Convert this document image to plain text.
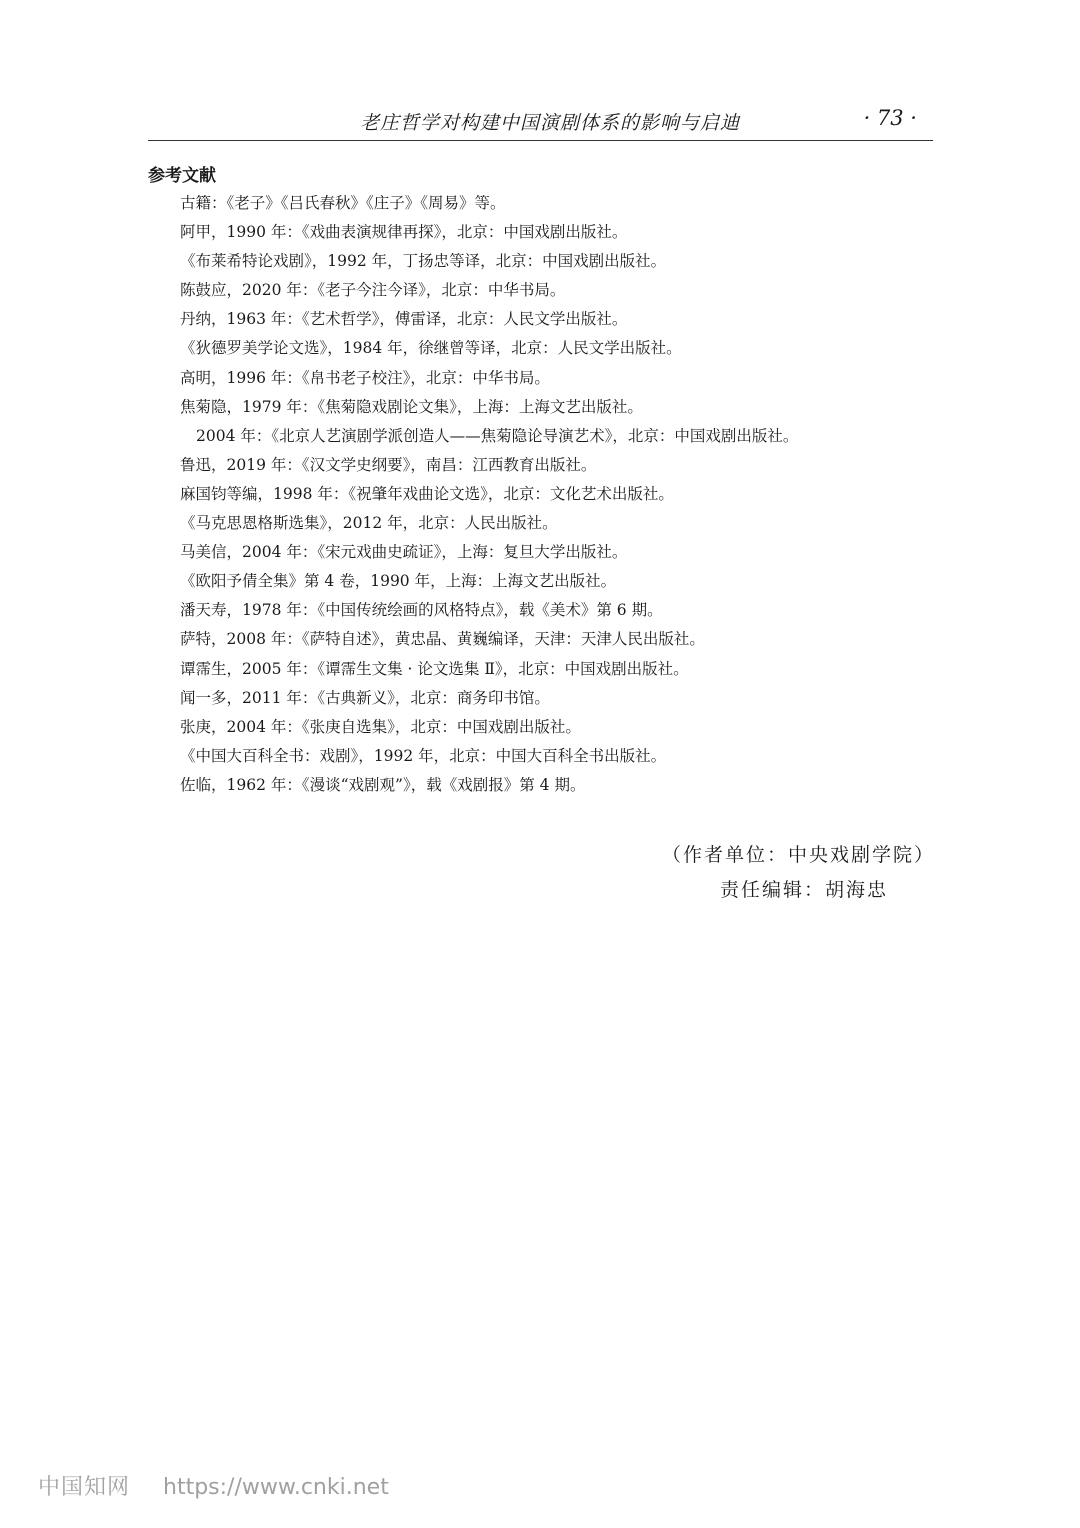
老庄哲学对构建中国演剧体系的影响与启迪	· 73 ·
参考文献
古籍：《老子》《吕氏春秋》《庄子》《周易》等。
阿甲，1990 年：《戏曲表演规律再探》，北京：中国戏剧出版社。
《布莱希特论戏剧》，1992 年，丁扬忠等译，北京：中国戏剧出版社。
陈鼓应，2020 年：《老子今注今译》，北京：中华书局。
丹纳，1963 年：《艺术哲学》，傅雷译，北京：人民文学出版社。
《狄德罗美学论文选》，1984 年，徐继曾等译，北京：人民文学出版社。
高明，1996 年：《帛书老子校注》，北京：中华书局。
焦菊隐，1979 年：《焦菊隐戏剧论文集》，上海：上海文艺出版社。
2004 年：《北京人艺演剧学派创造人——焦菊隐论导演艺术》，北京：中国戏剧出版社。
鲁迅，2019 年：《汉文学史纲要》，南昌：江西教育出版社。
麻国钧等编，1998 年：《祝肇年戏曲论文选》，北京：文化艺术出版社。
《马克思恩格斯选集》，2012 年，北京：人民出版社。
马美信，2004 年：《宋元戏曲史疏证》，上海：复旦大学出版社。
《欧阳予倩全集》第 4 卷，1990 年，上海：上海文艺出版社。
潘天寿，1978 年：《中国传统绘画的风格特点》，载《美术》第 6 期。
萨特，2008 年：《萨特自述》，黄忠晶、黄巍编译，天津：天津人民出版社。
谭霈生，2005 年：《谭霈生文集 · 论文选集 Ⅱ》，北京：中国戏剧出版社。
闻一多，2011 年：《古典新义》，北京：商务印书馆。
张庚，2004 年：《张庚自选集》，北京：中国戏剧出版社。
《中国大百科全书：戏剧》，1992 年，北京：中国大百科全书出版社。
佐临，1962 年：《漫谈“戏剧观”》，载《戏剧报》第 4 期。
（作者单位：中央戏剧学院）
责任编辑：胡海忠
中国知网 https://www.cnki.net
